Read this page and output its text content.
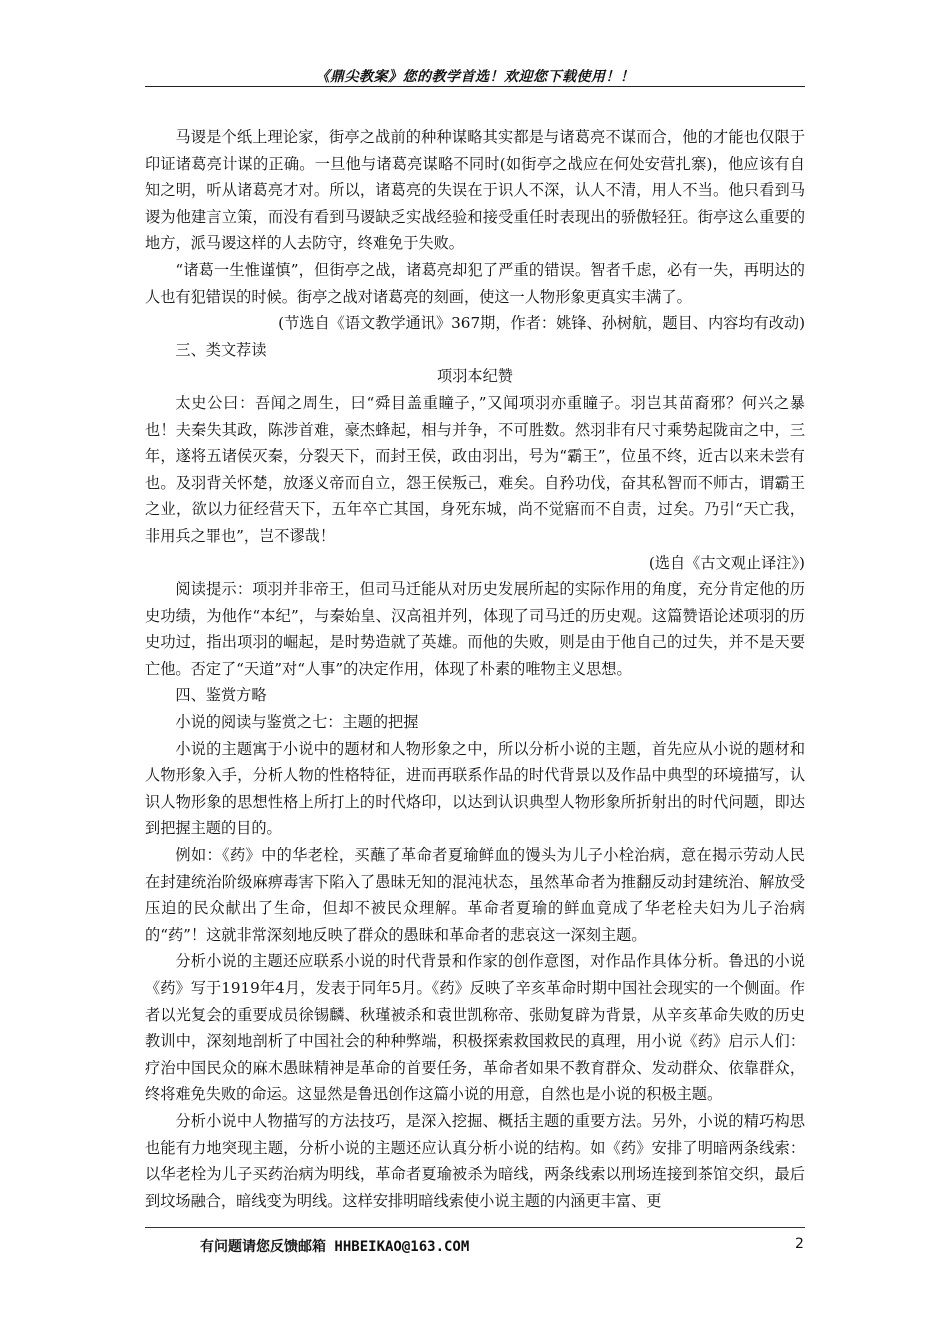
《鼎尖教案》您的教学首选！欢迎您下载使用！！

马谡是个纸上理论家，街亭之战前的种种谋略其实都是与诸葛亮不谋而合，他的才能也仅限于印证诸葛亮计谋的正确。一旦他与诸葛亮谋略不同时(如街亭之战应在何处安营扎寨)，他应该有自知之明，听从诸葛亮才对。所以，诸葛亮的失误在于识人不深，认人不清，用人不当。他只看到马谡为他建言立策，而没有看到马谡缺乏实战经验和接受重任时表现出的骄傲轻狂。街亭这么重要的地方，派马谡这样的人去防守，终难免于失败。

“诸葛一生惟谨慎”，但街亭之战，诸葛亮却犯了严重的错误。智者千虑，必有一失，再明达的人也有犯错误的时候。街亭之战对诸葛亮的刻画，使这一人物形象更真实丰满了。

(节选自《语文教学通讯》367期，作者：姚锋、孙树航，题目、内容均有改动)

三、类文荐读

项羽本纪赞

太史公曰：吾闻之周生，曰“舜目盖重瞳子，”又闻项羽亦重瞳子。羽岂其苗裔邪？何兴之暴也！夫秦失其政，陈涉首难，豪杰蜂起，相与并争，不可胜数。然羽非有尺寸乘势起陇亩之中，三年，遂将五诸侯灭秦，分裂天下，而封王侯，政由羽出，号为“霸王”，位虽不终，近古以来未尝有也。及羽背关怀楚，放逐义帝而自立，怨王侯叛己，难矣。自矜功伐，奋其私智而不师古，谓霸王之业，欲以力征经营天下，五年卒亡其国，身死东城，尚不觉寤而不自责，过矣。乃引“天亡我，非用兵之罪也”，岂不谬哉！

(选自《古文观止译注》)

阅读提示：项羽并非帝王，但司马迁能从对历史发展所起的实际作用的角度，充分肯定他的历史功绩，为他作“本纪”，与秦始皇、汉高祖并列，体现了司马迁的历史观。这篇赞语论述项羽的历史功过，指出项羽的崛起，是时势造就了英雄。而他的失败，则是由于他自己的过失，并不是天要亡他。否定了“天道”对“人事”的决定作用，体现了朴素的唯物主义思想。

四、鉴赏方略

小说的阅读与鉴赏之七：主题的把握

小说的主题寓于小说中的题材和人物形象之中，所以分析小说的主题，首先应从小说的题材和人物形象入手，分析人物的性格特征，进而再联系作品的时代背景以及作品中典型的环境描写，认识人物形象的思想性格上所打上的时代烙印，以达到认识典型人物形象所折射出的时代问题，即达到把握主题的目的。

例如：《药》中的华老栓，买蘸了革命者夏瑜鲜血的馒头为儿子小栓治病，意在揭示劳动人民在封建统治阶级麻痹毒害下陷入了愚昧无知的混沌状态，虽然革命者为推翻反动封建统治、解放受压迫的民众献出了生命，但却不被民众理解。革命者夏瑜的鲜血竟成了华老栓夫妇为儿子治病的“药”！这就非常深刻地反映了群众的愚昧和革命者的悲哀这一深刻主题。

分析小说的主题还应联系小说的时代背景和作家的创作意图，对作品作具体分析。鲁迅的小说《药》写于1919年4月，发表于同年5月。《药》反映了辛亥革命时期中国社会现实的一个侧面。作者以光复会的重要成员徐锡麟、秋瑾被杀和袁世凯称帝、张勋复辟为背景，从辛亥革命失败的历史教训中，深刻地剖析了中国社会的种种弊端，积极探索救国救民的真理，用小说《药》启示人们：疗治中国民众的麻木愚昧精神是革命的首要任务，革命者如果不教育群众、发动群众、依靠群众，终将难免失败的命运。这显然是鲁迅创作这篇小说的用意，自然也是小说的积极主题。

分析小说中人物描写的方法技巧，是深入挖掘、概括主题的重要方法。另外，小说的精巧构思也能有力地突现主题，分析小说的主题还应认真分析小说的结构。如《药》安排了明暗两条线索：以华老栓为儿子买药治病为明线，革命者夏瑜被杀为暗线，两条线索以刑场连接到茶馆交织，最后到坟场融合，暗线变为明线。这样安排明暗线索使小说主题的内涵更丰富、更

有问题请您反馈邮箱 HHBEIKAO@163.COM	2
